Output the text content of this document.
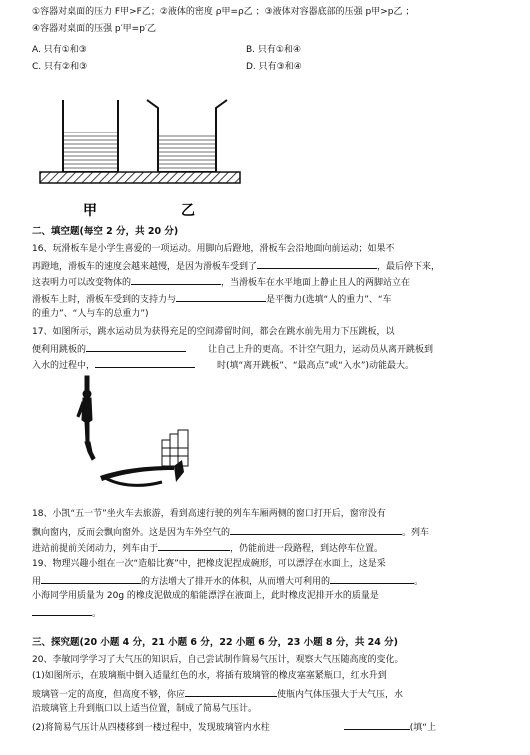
①容器对桌面的压力 F甲>F乙；②液体的密度 ρ甲=ρ乙 ；③液体对容器底部的压强 p甲>p乙 ；
④容器对桌面的压强 p′甲=p′乙
A. 只有①和③	B. 只有①和④
C. 只有②和③	D. 只有③和④
甲	乙
二、填空题(每空 2 分，共 20 分)
16、玩滑板车是小学生喜爱的一项运动。用脚向后蹬地，滑板车会沿地面向前运动；如果不
再蹬地，滑板车的速度会越来越慢，是因为滑板车受到了	，最后停下来，
这表明力可以改变物体的	，当滑板车在水平地面上静止且人的两脚站立在
滑板车上时，滑板车受到的支持力与	是平衡力(选填“人的重力”、“车
的重力”、“人与车的总重力”)
17、如图所示，跳水运动员为获得充足的空间滞留时间，都会在跳水前先用力下压跳板，以
便利用跳板的	让自己上升的更高。不计空气阻力，运动员从离开跳板到
入水的过程中，	时(填“离开跳板”、“最高点”或“入水”)动能最大。
18、小凯“五一节”坐火车去旅游，看到高速行驶的列车车厢两侧的窗口打开后，窗帘没有
飘向窗内，反而会飘向窗外。这是因为车外空气的	。列车
进站前提前关闭动力，列车由于	，仍能前进一段路程，到达停车位置。
19、物理兴趣小组在一次“造船比赛”中，把橡皮泥捏成碗形，可以漂浮在水面上，这是采
用	的方法增大了排开水的体积，从而增大可利用的	。
小海同学用质量为 20g 的橡皮泥做成的船能漂浮在液面上，此时橡皮泥排开水的质量是
。
三、探究题(20 小题 4 分，21 小题 6 分，22 小题 6 分，23 小题 8 分，共 24 分)
20、李敏同学学习了大气压的知识后，自己尝试制作简易气压计，观察大气压随高度的变化。
(1)如图所示，在玻璃瓶中倒入适量红色的水，将插有玻璃管的橡皮塞塞紧瓶口，红水升到
玻璃管一定的高度，但高度不够，你应	使瓶内气体压强大于大气压，水
沿玻璃管上升到瓶口以上适当位置，制成了简易气压计。
(2)将简易气压计从四楼移到一楼过程中，发现玻璃管内水柱	(填“上
